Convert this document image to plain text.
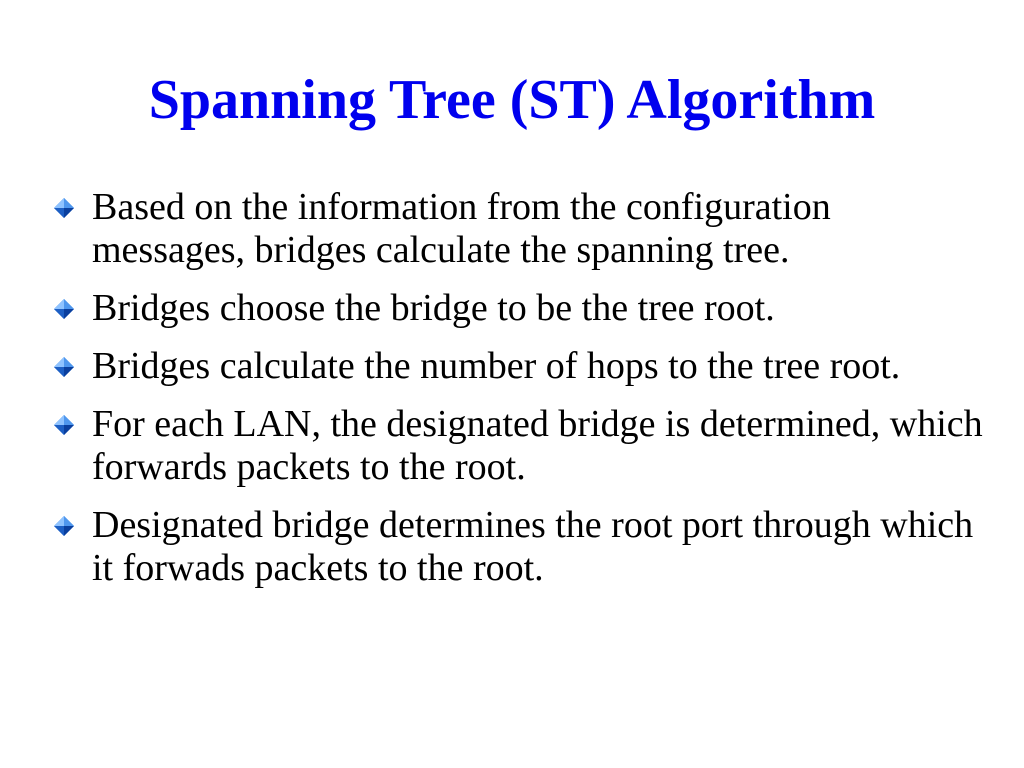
Spanning Tree (ST) Algorithm
Based on the information from the configuration messages, bridges calculate the spanning tree.
Bridges choose the bridge to be the tree root.
Bridges calculate the number of hops to the tree root.
For each LAN, the designated bridge is determined, which forwards packets to the root.
Designated bridge determines the root port through which it forwads packets to the root.
